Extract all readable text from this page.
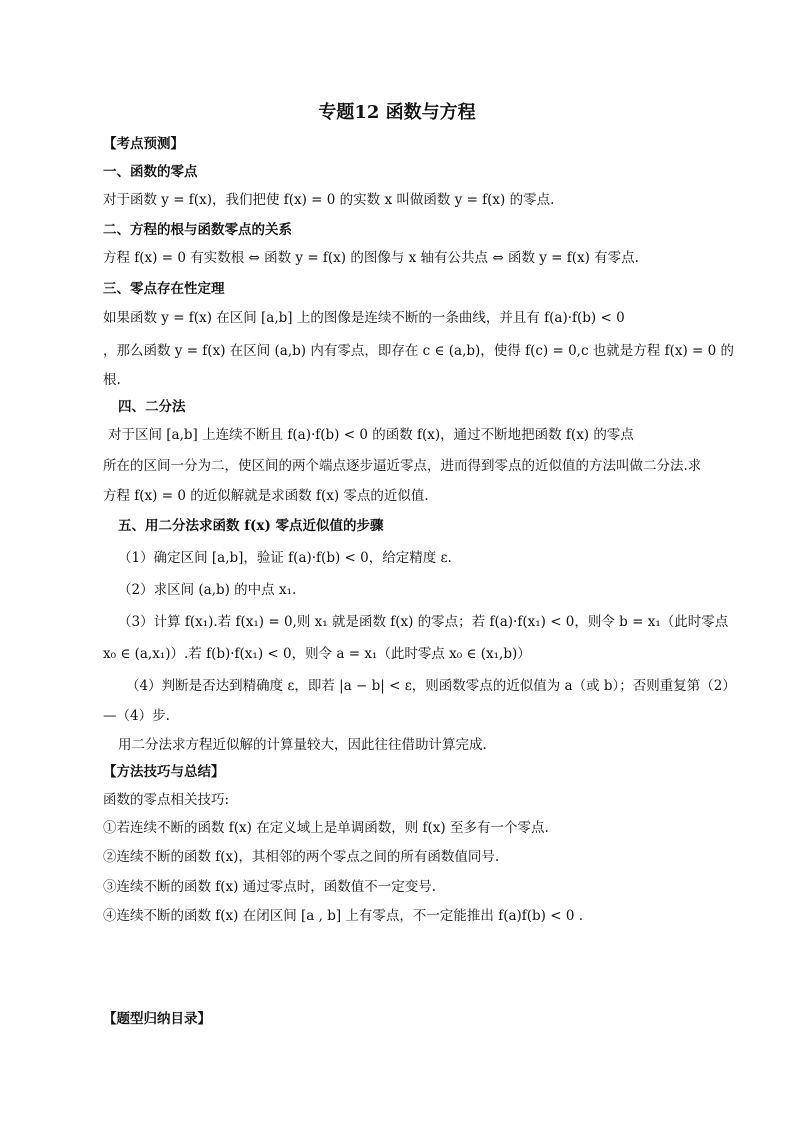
专题12 函数与方程
【考点预测】
一、函数的零点
对于函数 y = f(x)，我们把使 f(x) = 0 的实数 x 叫做函数 y = f(x) 的零点.
二、方程的根与函数零点的关系
方程 f(x) = 0 有实数根 ⇔ 函数 y = f(x) 的图像与 x 轴有公共点 ⇔ 函数 y = f(x) 有零点.
三、零点存在性定理
如果函数 y = f(x) 在区间 [a,b] 上的图像是连续不断的一条曲线，并且有 f(a)·f(b) < 0
，那么函数 y = f(x) 在区间 (a,b) 内有零点，即存在 c ∈ (a,b)，使得 f(c) = 0,c 也就是方程 f(x) = 0 的
根.
四、二分法
对于区间 [a,b] 上连续不断且 f(a)·f(b) < 0 的函数 f(x)，通过不断地把函数 f(x) 的零点
所在的区间一分为二，使区间的两个端点逐步逼近零点，进而得到零点的近似值的方法叫做二分法.求
方程 f(x) = 0 的近似解就是求函数 f(x) 零点的近似值.
五、用二分法求函数 f(x) 零点近似值的步骤
（1）确定区间 [a,b]，验证 f(a)·f(b) < 0，给定精度 ε.
（2）求区间 (a,b) 的中点 x₁.
（3）计算 f(x₁).若 f(x₁) = 0,则 x₁ 就是函数 f(x) 的零点；若 f(a)·f(x₁) < 0，则令 b = x₁（此时零点
x₀ ∈ (a,x₁)）.若 f(b)·f(x₁) < 0，则令 a = x₁（此时零点 x₀ ∈ (x₁,b)）
（4）判断是否达到精确度 ε，即若 |a − b| < ε，则函数零点的近似值为 a（或 b）；否则重复第（2）
—（4）步.
用二分法求方程近似解的计算量较大，因此往往借助计算完成.
【方法技巧与总结】
函数的零点相关技巧:
①若连续不断的函数 f(x) 在定义域上是单调函数，则 f(x) 至多有一个零点.
②连续不断的函数 f(x)，其相邻的两个零点之间的所有函数值同号.
③连续不断的函数 f(x) 通过零点时，函数值不一定变号.
④连续不断的函数 f(x) 在闭区间 [a , b] 上有零点，不一定能推出 f(a)f(b) < 0 .
【题型归纳目录】
